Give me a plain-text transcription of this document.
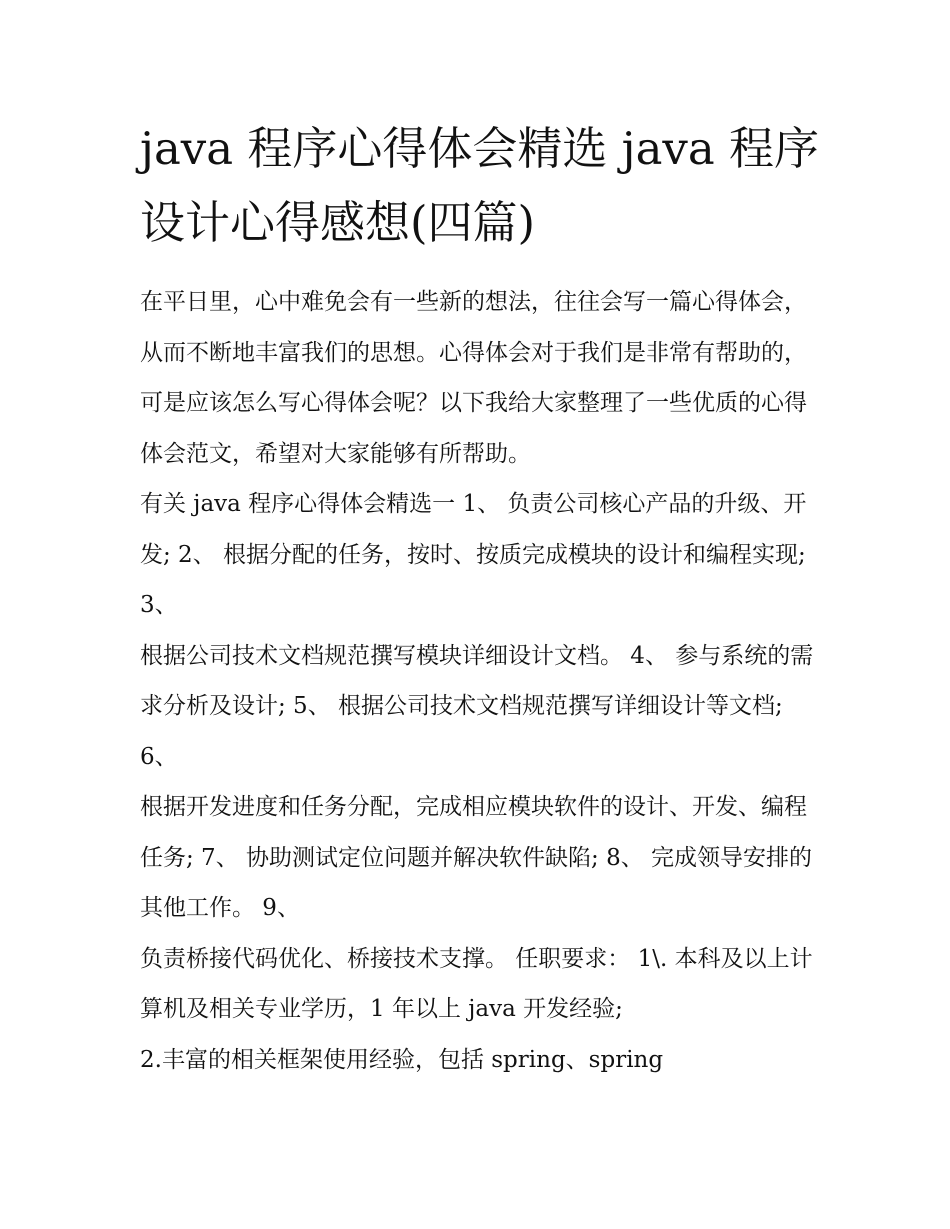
java 程序心得体会精选 java 程序设计心得感想(四篇)

在平日里，心中难免会有一些新的想法，往往会写一篇心得体会，从而不断地丰富我们的思想。心得体会对于我们是非常有帮助的，可是应该怎么写心得体会呢？以下我给大家整理了一些优质的心得体会范文，希望对大家能够有所帮助。

有关 java 程序心得体会精选一 1、 负责公司核心产品的升级、开发; 2、 根据分配的任务，按时、按质完成模块的设计和编程实现; 3、

根据公司技术文档规范撰写模块详细设计文档。 4、 参与系统的需求分析及设计; 5、 根据公司技术文档规范撰写详细设计等文档; 6、

根据开发进度和任务分配，完成相应模块软件的设计、开发、编程任务; 7、 协助测试定位问题并解决软件缺陷; 8、 完成领导安排的其他工作。 9、

负责桥接代码优化、桥接技术支撑。 任职要求： 1\. 本科及以上计算机及相关专业学历，1 年以上 java 开发经验;

2.丰富的相关框架使用经验，包括 spring、spring
